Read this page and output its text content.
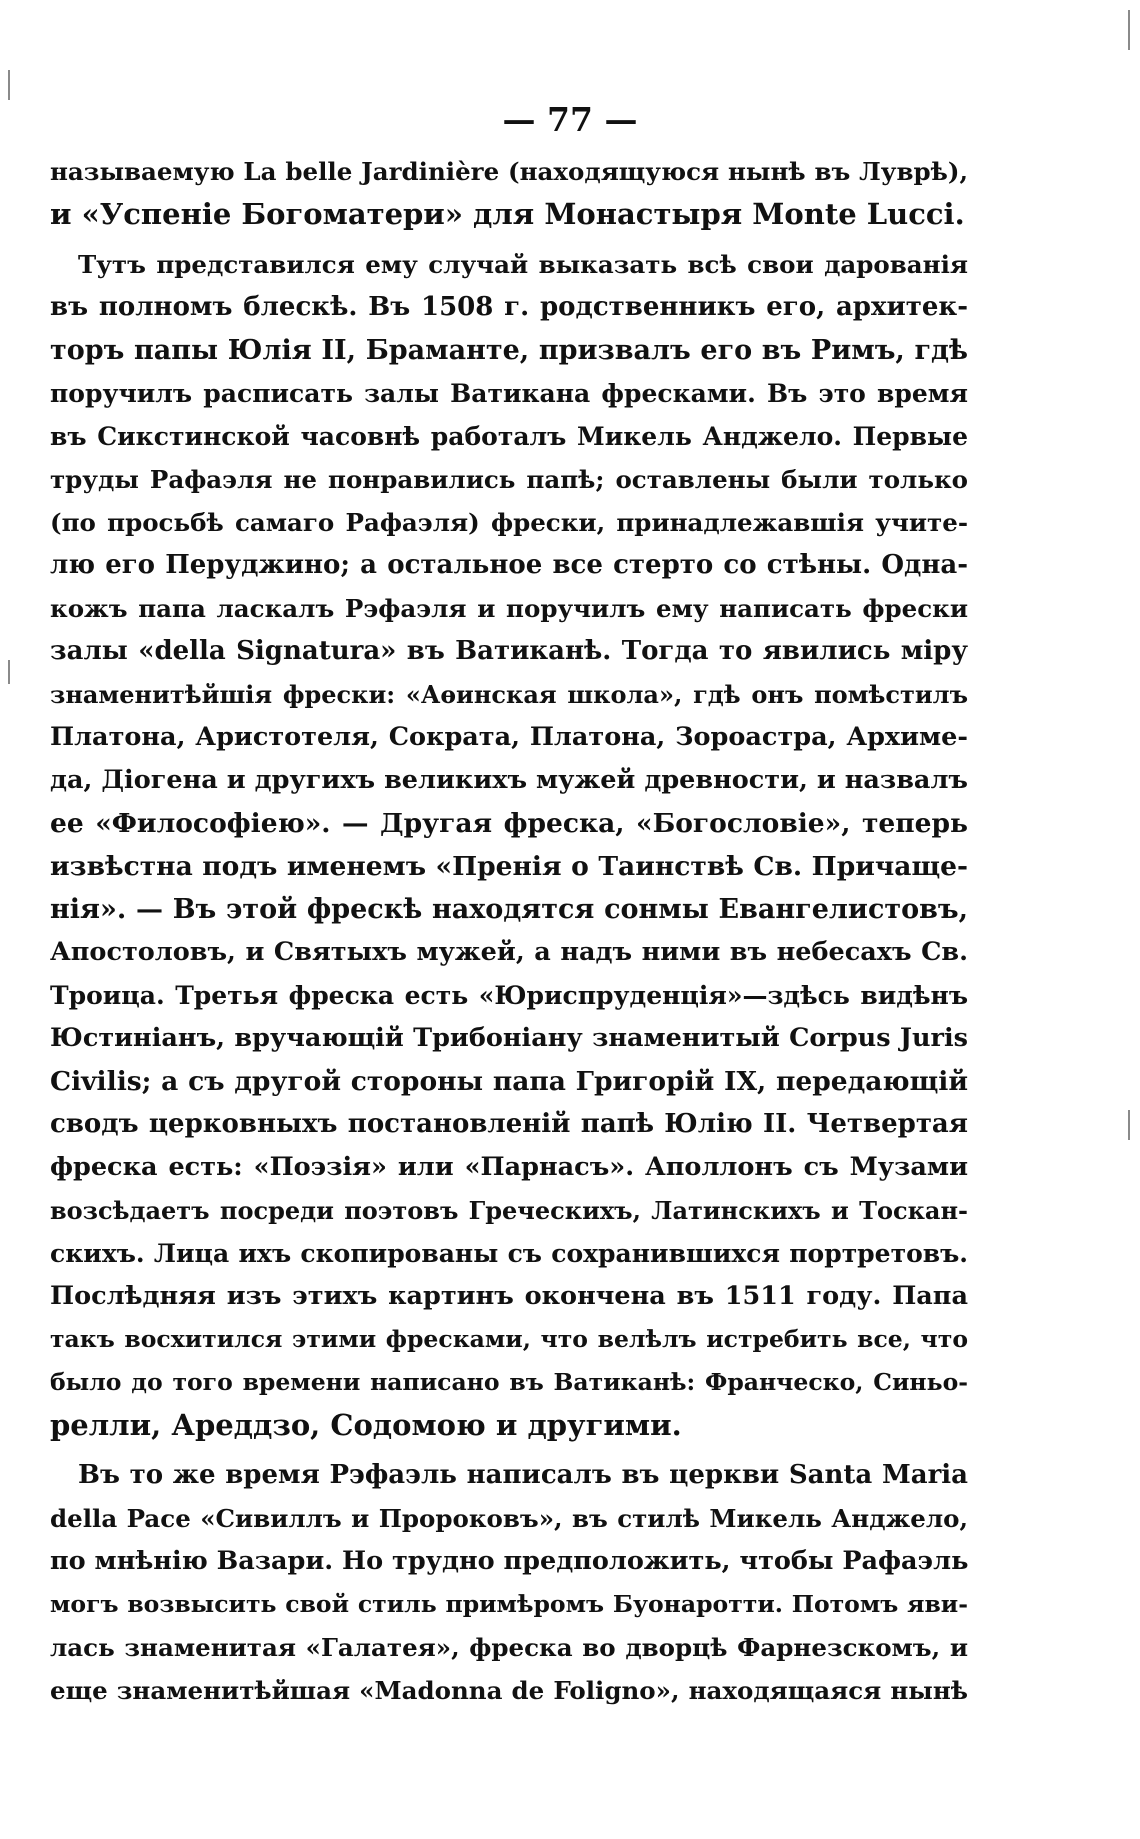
— 77 —
называемую La belle Jardinière (находящуюся нынѣ въ Луврѣ),
и «Успеніе Богоматери» для Монастыря Monte Lucci.
Тутъ представился ему случай выказать всѣ свои дарованія
въ полномъ блескѣ. Въ 1508 г. родственникъ его, архитек-
торъ папы Юлія II, Браманте, призвалъ его въ Римъ, гдѣ
поручилъ расписать залы Ватикана фресками. Въ это время
въ Сикстинской часовнѣ работалъ Микель Анджело. Первые
труды Рафаэля не понравились папѣ; оставлены были только
(по просьбѣ самаго Рафаэля) фрески, принадлежавшія учите-
лю его Перуджино; а остальное все стерто со стѣны. Одна-
кожъ папа ласкалъ Рэфаэля и поручилъ ему написать фрески
залы «della Signatura» въ Ватиканѣ. Тогда то явились міру
знаменитѣйшія фрески: «Аѳинская школа», гдѣ онъ помѣстилъ
Платона, Аристотеля, Сократа, Платона, Зороастра, Архиме-
да, Діогена и другихъ великихъ мужей древности, и назвалъ
ее «Философіею». — Другая фреска, «Богословіе», теперь
извѣстна подъ именемъ «Пренія о Таинствѣ Св. Причаще-
нія». — Въ этой фрескѣ находятся сонмы Евангелистовъ,
Апостоловъ, и Святыхъ мужей, а надъ ними въ небесахъ Св.
Троица. Третья фреска есть «Юриспруденція»—здѣсь видѣнъ
Юстиніанъ, вручающій Трибоніану знаменитый Corpus Juris
Civilis; а съ другой стороны папа Григорій IX, передающій
сводъ церковныхъ постановленій папѣ Юлію II. Четвертая
фреска есть: «Поэзія» или «Парнасъ». Аполлонъ съ Музами
возсѣдаетъ посреди поэтовъ Греческихъ, Латинскихъ и Тоскан-
скихъ. Лица ихъ скопированы съ сохранившихся портретовъ.
Послѣдняя изъ этихъ картинъ окончена въ 1511 году. Папа
такъ восхитился этими фресками, что велѣлъ истребить все, что
было до того времени написано въ Ватиканѣ: Франческо, Синьо-
релли, Ареддзо, Содомою и другими.
Въ то же время Рэфаэль написалъ въ церкви Santa Maria
della Pace «Сивиллъ и Пророковъ», въ стилѣ Микель Анджело,
по мнѣнію Вазари. Но трудно предположить, чтобы Рафаэль
могъ возвысить свой стиль примѣромъ Буонаротти. Потомъ яви-
лась знаменитая «Галатея», фреска во дворцѣ Фарнезскомъ, и
еще знаменитѣйшая «Madonna de Foligno», находящаяся нынѣ
